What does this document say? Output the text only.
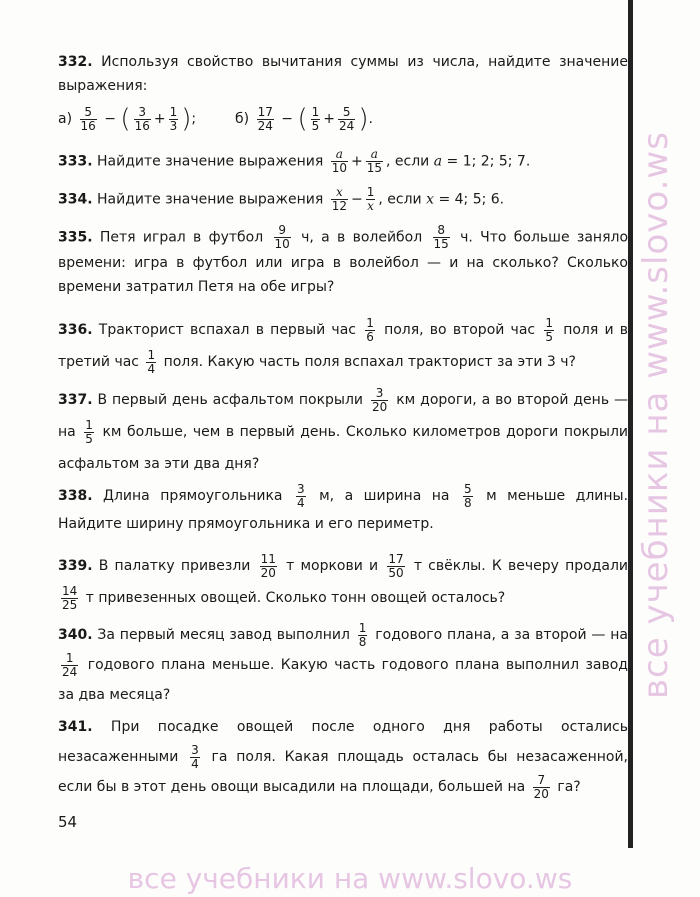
все учебники на www.slovo.ws
332. Используя свойство вычитания суммы из числа, найдите значение выражения:

$а) \frac{5}{16}$ − ( $\frac{3}{16} + \frac{1}{3}$ );  $б) \frac{17}{24}$ − ( $\frac{1}{5} + \frac{5}{24}$ ).
333. Найдите значение выражения $\frac{a}{10} + \frac{a}{15}$ , если a = 1; 2; 5; 7.
334. Найдите значение выражения $\frac{x}{12} - \frac{1}{x}$ , если x = 4; 5; 6.
335. Петя играл в футбол $\frac{9}{10} ч$, а в волейбол $\frac{8}{15} ч$. Что больше заняло времени: игра в футбол или игра в волейбол — и на сколько? Сколько времени затратил Петя на обе игры?
336. Тракторист вспахал в первый час $\frac{1}{6}$ поля, во второй час $\frac{1}{5}$ поля и в третий час $\frac{1}{4}$ поля. Какую часть поля вспахал тракторист за эти 3 ч?
337. В первый день асфальтом покрыли $\frac{3}{20}$ км дороги, а во второй день — на $\frac{1}{5}$ км больше, чем в первый день. Сколько километров дороги покрыли асфальтом за эти два дня?
338. Длина прямоугольника $\frac{3}{4} м$, а ширина на $\frac{5}{8}$ м меньше длины. Найдите ширину прямоугольника и его периметр.
339. В палатку привезли $\frac{11}{20}$ т моркови и $\frac{17}{50}$ т свёклы. К вечеру продали
$\frac{14}{25}$ т привезенных овощей. Сколько тонн овощей осталось?
340. За первый месяц завод выполнил $\frac{1}{8}$ годового плана, а за второй — на
$\frac{1}{24}$ годового плана меньше. Какую часть годового плана выполнил завод за два месяца?
341. При посадке овощей после одного дня работы остались незасаженными $\frac{3}{4}$ га поля. Какая площадь осталась бы незасаженной, если бы в этот день овощи высадили на площади, большей на $\frac{7}{20}$ га?
54
все учебники на www.slovo.ws
